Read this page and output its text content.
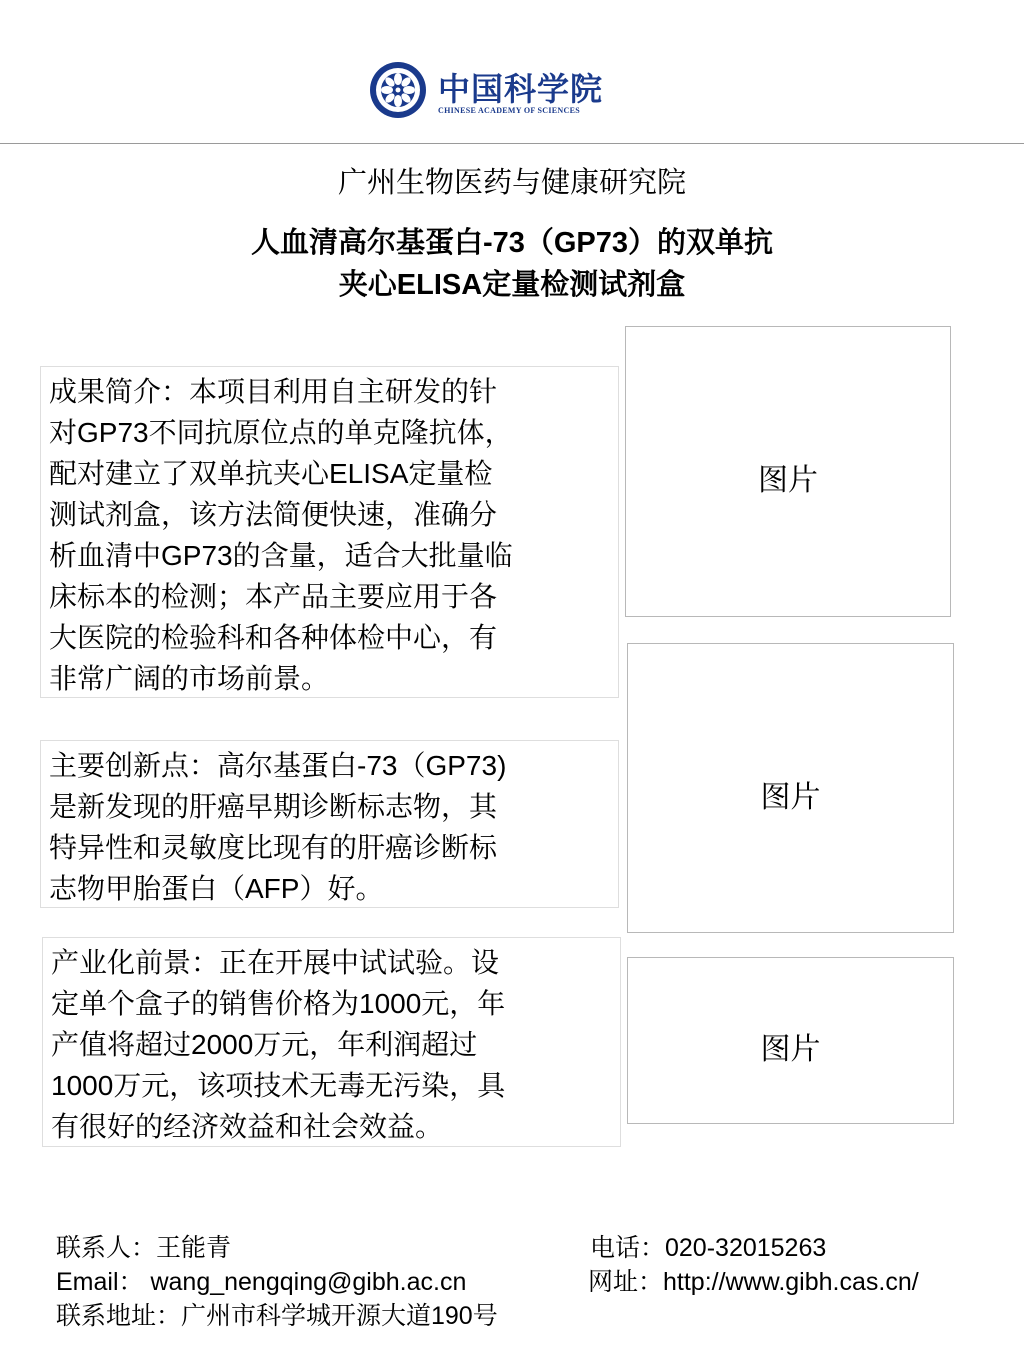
中国科学院
CHINESE ACADEMY OF SCIENCES
广州生物医药与健康研究院
人血清高尔基蛋白-73（GP73）的双单抗
夹心ELISA定量检测试剂盒
成果简介：本项目利用自主研发的针
对GP73不同抗原位点的单克隆抗体，
配对建立了双单抗夹心ELISA定量检
测试剂盒，该方法简便快速，准确分
析血清中GP73的含量，适合大批量临
床标本的检测；本产品主要应用于各
大医院的检验科和各种体检中心，有
非常广阔的市场前景。
主要创新点：高尔基蛋白-73（GP73)
是新发现的肝癌早期诊断标志物，其
特异性和灵敏度比现有的肝癌诊断标
志物甲胎蛋白（AFP）好。
产业化前景：正在开展中试试验。设
定单个盒子的销售价格为1000元，年
产值将超过2000万元，年利润超过
1000万元，该项技术无毒无污染，具
有很好的经济效益和社会效益。
图片
图片
图片
联系人：王能青	电话：020-32015263
Email： wang_nengqing@gibh.ac.cn	网址：http://www.gibh.cas.cn/
联系地址：广州市科学城开源大道190号
